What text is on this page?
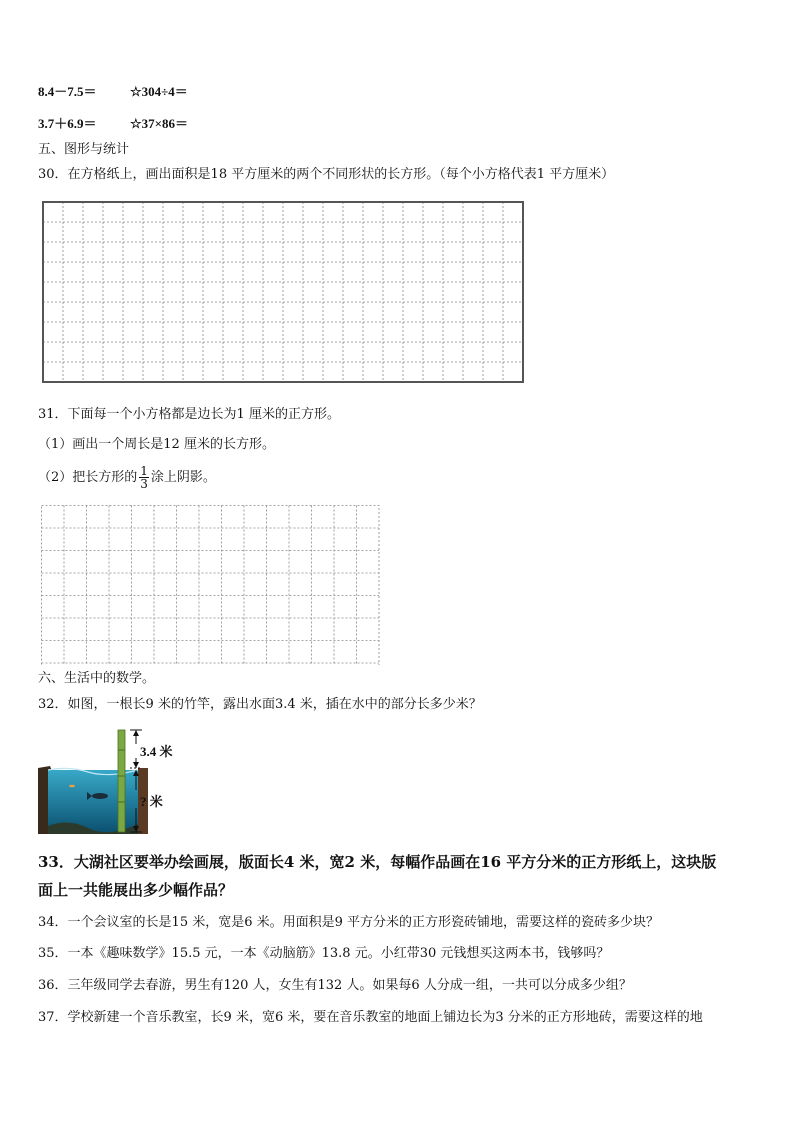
8.4－7.5＝	☆304÷4＝
3.7＋6.9＝	☆37×86＝
五、图形与统计
30．在方格纸上，画出面积是18 平方厘米的两个不同形状的长方形。（每个小方格代表1 平方厘米）
31．下面每一个小方格都是边长为1 厘米的正方形。
（1）画出一个周长是12 厘米的长方形。
（2）把长方形的 $\frac{1}{3}$ 涂上阴影。
六、生活中的数学。
32．如图，一根长9 米的竹竿，露出水面3.4 米，插在水中的部分长多少米？
3.4 米
? 米
33．大湖社区要举办绘画展，版面长4 米，宽2 米，每幅作品画在16 平方分米的正方形纸上，这块版
面上一共能展出多少幅作品？
34．一个会议室的长是15 米，宽是6 米。用面积是9 平方分米的正方形瓷砖铺地，需要这样的瓷砖多少块？
35．一本《趣味数学》15.5 元，一本《动脑筋》13.8 元。小红带30 元钱想买这两本书，钱够吗？
36．三年级同学去春游，男生有120 人，女生有132 人。如果每6 人分成一组，一共可以分成多少组？
37．学校新建一个音乐教室，长9 米，宽6 米，要在音乐教室的地面上铺边长为3 分米的正方形地砖，需要这样的地
